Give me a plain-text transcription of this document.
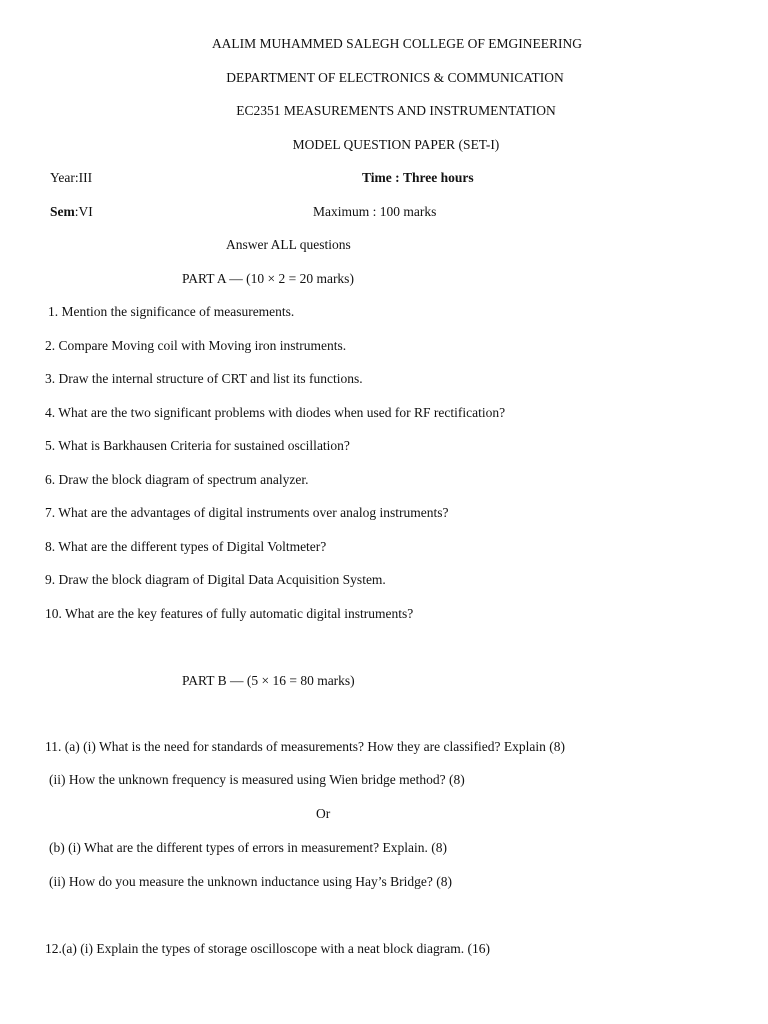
AALIM MUHAMMED SALEGH COLLEGE OF EMGINEERING
DEPARTMENT OF ELECTRONICS & COMMUNICATION
EC2351 MEASUREMENTS AND INSTRUMENTATION
MODEL QUESTION PAPER (SET-I)
Year:III	Time : Three hours
Sem:VI	Maximum : 100 marks
Answer ALL questions
PART A — (10 × 2 = 20 marks)
1. Mention the significance of measurements.
2. Compare Moving coil with Moving iron instruments.
3. Draw the internal structure of CRT and list its functions.
4. What are the two significant problems with diodes when used for RF rectification?
5. What is Barkhausen Criteria for sustained oscillation?
6. Draw the block diagram of spectrum analyzer.
7. What are the advantages of digital instruments over analog instruments?
8. What are the different types of Digital Voltmeter?
9. Draw the block diagram of Digital Data Acquisition System.
10. What are the key features of fully automatic digital instruments?
PART B — (5 × 16 = 80 marks)
11. (a) (i) What is the need for standards of measurements? How they are classified? Explain (8)
(ii) How the unknown frequency is measured using Wien bridge method? (8)
Or
(b) (i) What are the different types of errors in measurement? Explain. (8)
(ii) How do you measure the unknown inductance using Hay’s Bridge? (8)
12.(a) (i) Explain the types of storage oscilloscope with a neat block diagram. (16)
